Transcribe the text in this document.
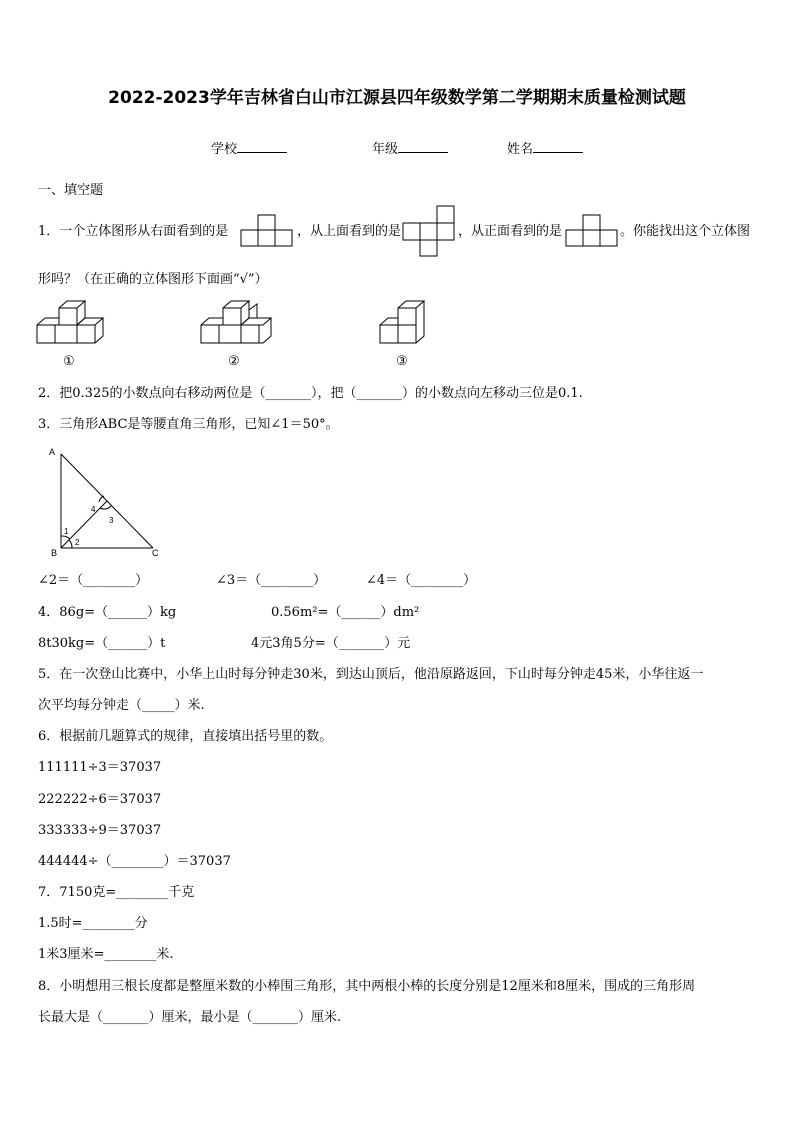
2022-2023学年吉林省白山市江源县四年级数学第二学期期末质量检测试题
学校	年级	姓名
一、填空题
1．一个立体图形从右面看到的是	，从上面看到的是	，从正面看到的是	。你能找出这个立体图
形吗？（在正确的立体图形下面画“√”）
①	②	③
2．把0.325的小数点向右移动两位是（_______），把（_______）的小数点向左移动三位是0.1.
3．三角形ABC是等腰直角三角形，已知∠1＝50°。
A
B	C
1
2
3
4
∠2＝（________）	∠3＝（________）	∠4＝（________）
4．86g=（______）kg	0.56m²=（______）dm²
8t30kg=（______）t	4元3角5分=（_______）元
5．在一次登山比赛中，小华上山时每分钟走30米，到达山顶后，他沿原路返回，下山时每分钟走45米，小华往返一
次平均每分钟走（_____）米.
6．根据前几题算式的规律，直接填出括号里的数。
111111÷3＝37037
222222÷6＝37037
333333÷9＝37037
444444÷（________）＝37037
7．7150克=________千克
1.5时=________分
1米3厘米=________米.
8．小明想用三根长度都是整厘米数的小棒围三角形，其中两根小棒的长度分别是12厘米和8厘米，围成的三角形周
长最大是（_______）厘米，最小是（_______）厘米.
